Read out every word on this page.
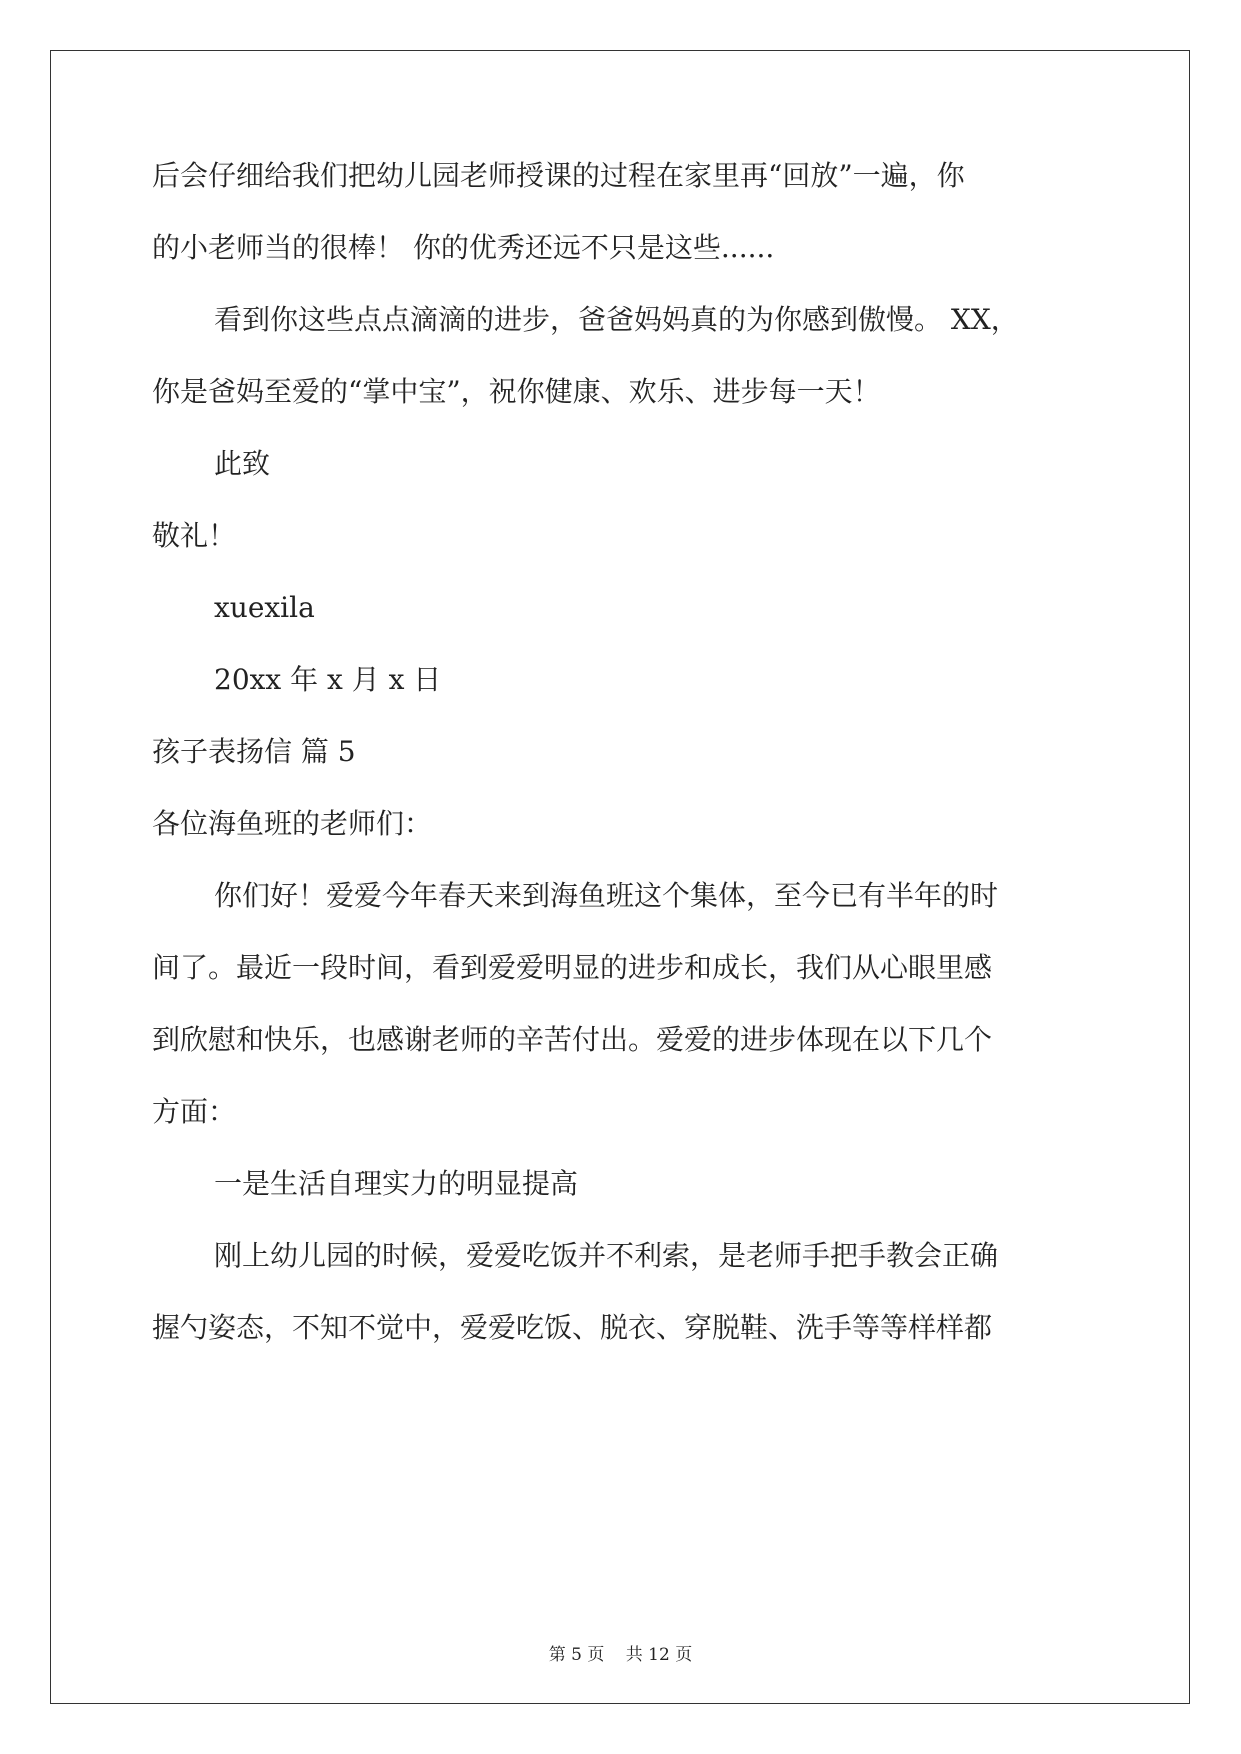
后会仔细给我们把幼儿园老师授课的过程在家里再“回放”一遍，你
的小老师当的很棒！ 你的优秀还远不只是这些......
看到你这些点点滴滴的进步，爸爸妈妈真的为你感到傲慢。 XX，
你是爸妈至爱的“掌中宝”，祝你健康、欢乐、进步每一天！
此致
敬礼！
xuexila
20xx 年 x 月 x 日
孩子表扬信 篇 5
各位海鱼班的老师们：
你们好！爱爱今年春天来到海鱼班这个集体，至今已有半年的时
间了。最近一段时间，看到爱爱明显的进步和成长，我们从心眼里感
到欣慰和快乐，也感谢老师的辛苦付出。爱爱的进步体现在以下几个
方面：
一是生活自理实力的明显提高
刚上幼儿园的时候，爱爱吃饭并不利索，是老师手把手教会正确
握勺姿态，不知不觉中，爱爱吃饭、脱衣、穿脱鞋、洗手等等样样都
第 5 页 共 12 页
